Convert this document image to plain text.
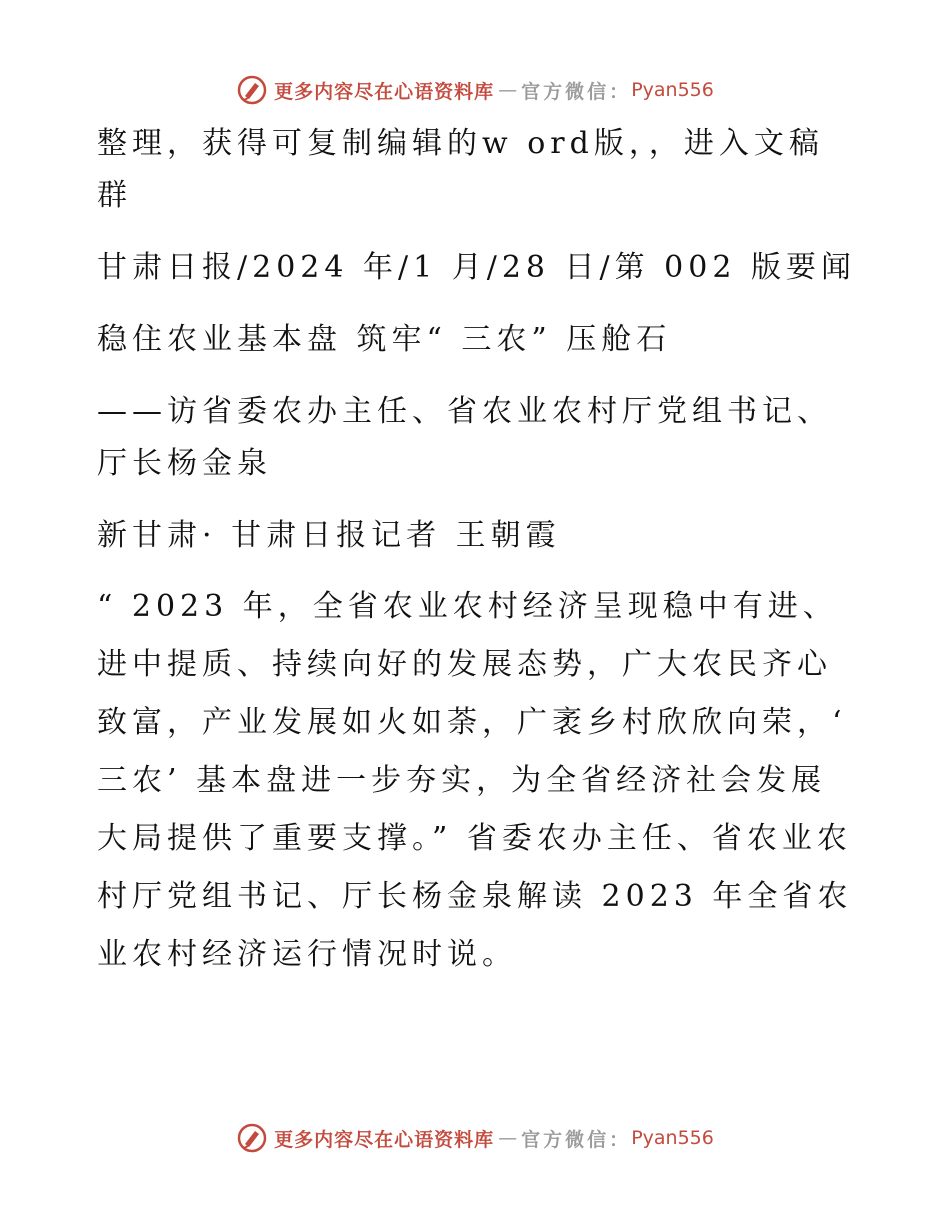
更多内容尽在心语资料库 — 官方微信： Pyan556
整理，获得可复制编辑的w ord版，，进入文稿
群
甘肃日报/2024 年/1 月/28 日/第 002 版要闻
稳住农业基本盘 筑牢“ 三农” 压舱石
——访省委农办主任、省农业农村厅党组书记、
厅长杨金泉
新甘肃· 甘肃日报记者 王朝霞

“ 2023 年，全省农业农村经济呈现稳中有进、进中提质、持续向好的发展态势，广大农民齐心致富，产业发展如火如荼，广袤乡村欣欣向荣，‘ 三农’ 基本盘进一步夯实，为全省经济社会发展大局提供了重要支撑。” 省委农办主任、省农业农村厅党组书记、厅长杨金泉解读 2023 年全省农业农村经济运行情况时说。

更多内容尽在心语资料库 — 官方微信： Pyan556
